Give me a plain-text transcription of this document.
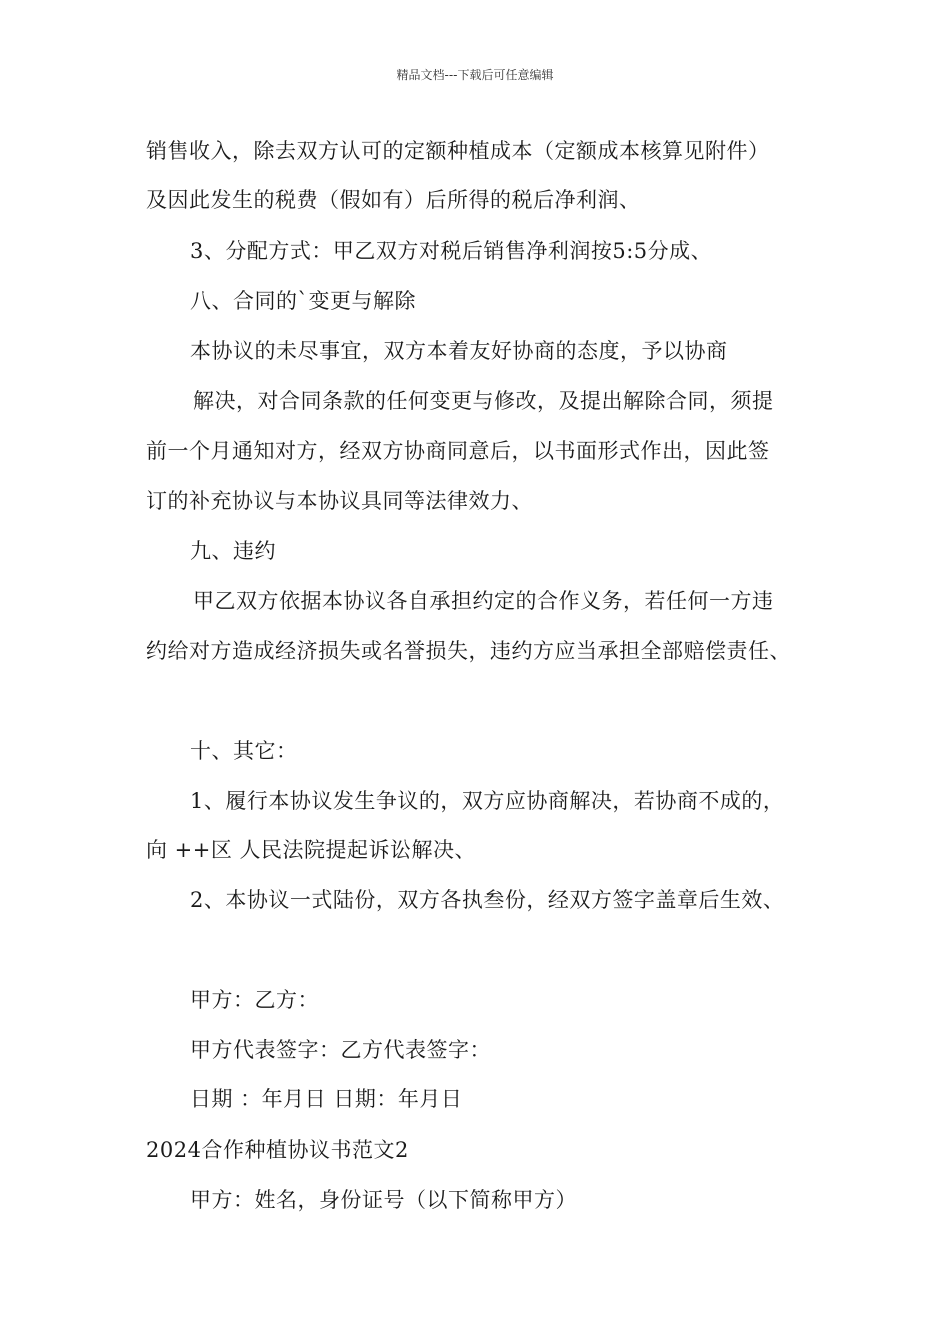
精品文档---下载后可任意编辑
销售收入，除去双方认可的定额种植成本（定额成本核算见附件）
及因此发生的税费（假如有）后所得的税后净利润、
3、分配方式：甲乙双方对税后销售净利润按5:5分成、
八、合同的`变更与解除
本协议的未尽事宜，双方本着友好协商的态度，予以协商
解决，对合同条款的任何变更与修改，及提出解除合同，须提
前一个月通知对方，经双方协商同意后，以书面形式作出，因此签
订的补充协议与本协议具同等法律效力、
九、违约
甲乙双方依据本协议各自承担约定的合作义务，若任何一方违
约给对方造成经济损失或名誉损失，违约方应当承担全部赔偿责任、
十、其它：
1、履行本协议发生争议的，双方应协商解决，若协商不成的，
向 ++区 人民法院提起诉讼解决、
2、本协议一式陆份，双方各执叁份，经双方签字盖章后生效、
甲方：乙方：
甲方代表签字：乙方代表签字：
日期 ：年月日 日期：年月日
2024合作种植协议书范文2
甲方：姓名，身份证号（以下简称甲方）
